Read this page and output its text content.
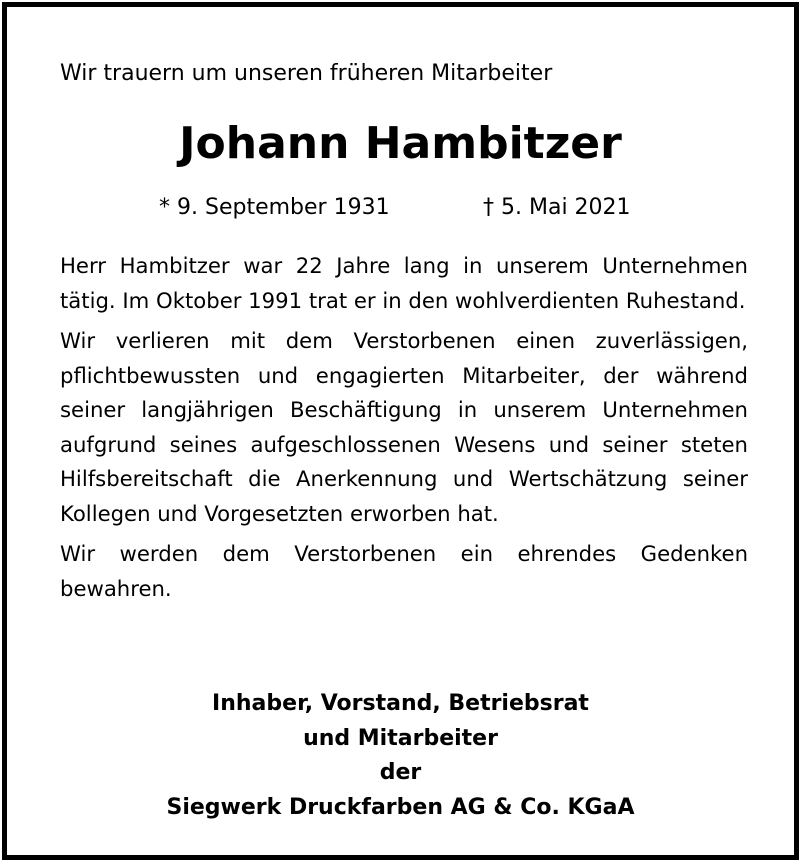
Wir trauern um unseren früheren Mitarbeiter
Johann Hambitzer
* 9. September 1931	† 5. Mai 2021

Herr Hambitzer war 22 Jahre lang in unserem Unternehmen tätig. Im Oktober 1991 trat er in den wohlverdienten Ruhestand.

Wir verlieren mit dem Verstorbenen einen zuverlässigen, pflichtbewussten und engagierten Mitarbeiter, der während seiner langjährigen Beschäftigung in unserem Unternehmen aufgrund seines aufgeschlossenen Wesens und seiner steten Hilfsbereitschaft die Anerkennung und Wertschätzung seiner Kollegen und Vorgesetzten erworben hat.

Wir werden dem Verstorbenen ein ehrendes Gedenken bewahren.

Inhaber, Vorstand, Betriebsrat
und Mitarbeiter
der
Siegwerk Druckfarben AG & Co. KGaA
